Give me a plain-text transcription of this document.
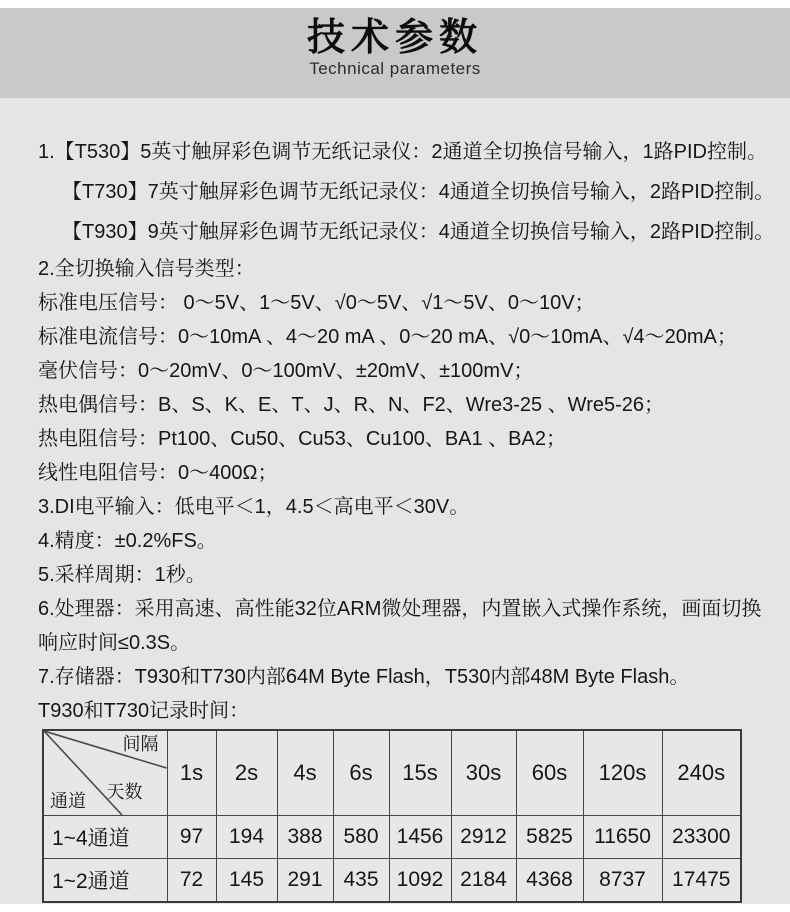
技术参数
Technical parameters
1.【T530】5英寸触屏彩色调节无纸记录仪：2通道全切换信号输入，1路PID控制。
【T730】7英寸触屏彩色调节无纸记录仪：4通道全切换信号输入，2路PID控制。
【T930】9英寸触屏彩色调节无纸记录仪：4通道全切换信号输入，2路PID控制。
2.全切换输入信号类型：
标准电压信号： 0～5V、1～5V、√0～5V、√1～5V、0～10V；
标准电流信号：0～10mA 、4～20 mA 、0～20 mA、√0～10mA、√4～20mA；
毫伏信号：0～20mV、0～100mV、±20mV、±100mV；
热电偶信号：B、S、K、E、T、J、R、N、F2、Wre3-25 、Wre5-26；
热电阻信号：Pt100、Cu50、Cu53、Cu100、BA1 、BA2；
线性电阻信号：0～400Ω；
3.DI电平输入：低电平＜1，4.5＜高电平＜30V。
4.精度：±0.2%FS。
5.采样周期：1秒。
6.处理器：采用高速、高性能32位ARM微处理器，内置嵌入式操作系统，画面切换
响应时间≤0.3S。
7.存储器：T930和T730内部64M Byte Flash，T530内部48M Byte Flash。
T930和T730记录时间：
间隔
天数
通道	1s	2s	4s	6s	15s	30s	60s	120s	240s
1~4通道	97	194	388	580	1456	2912	5825	11650	23300
1~2通道	72	145	291	435	1092	2184	4368	8737	17475
